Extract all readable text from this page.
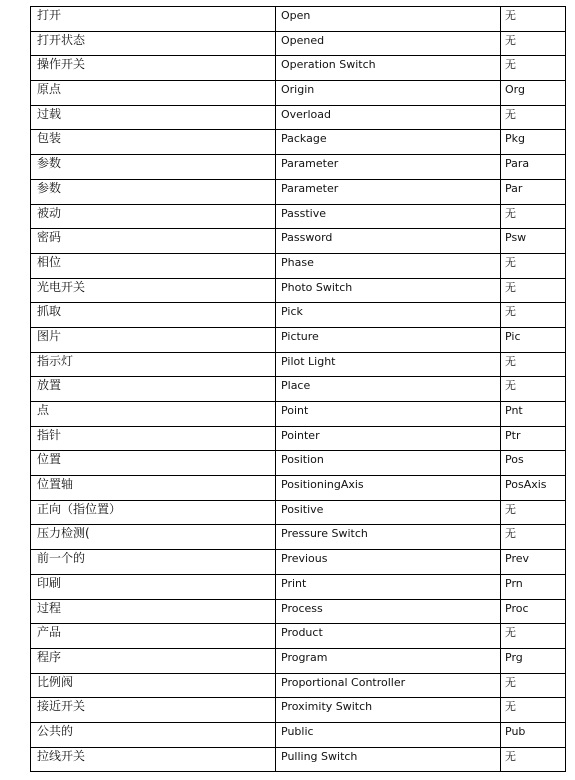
打开	Open	无
打开状态	Opened	无
操作开关	Operation Switch	无
原点	Origin	Org
过载	Overload	无
包装	Package	Pkg
参数	Parameter	Para
参数	Parameter	Par
被动	Passtive	无
密码	Password	Psw
相位	Phase	无
光电开关	Photo Switch	无
抓取	Pick	无
图片	Picture	Pic
指示灯	Pilot Light	无
放置	Place	无
点	Point	Pnt
指针	Pointer	Ptr
位置	Position	Pos
位置轴	PositioningAxis	PosAxis
正向（指位置）	Positive	无
压力检测(	Pressure Switch	无
前一个的	Previous	Prev
印刷	Print	Prn
过程	Process	Proc
产品	Product	无
程序	Program	Prg
比例阀	Proportional Controller	无
接近开关	Proximity Switch	无
公共的	Public	Pub
拉线开关	Pulling Switch	无
